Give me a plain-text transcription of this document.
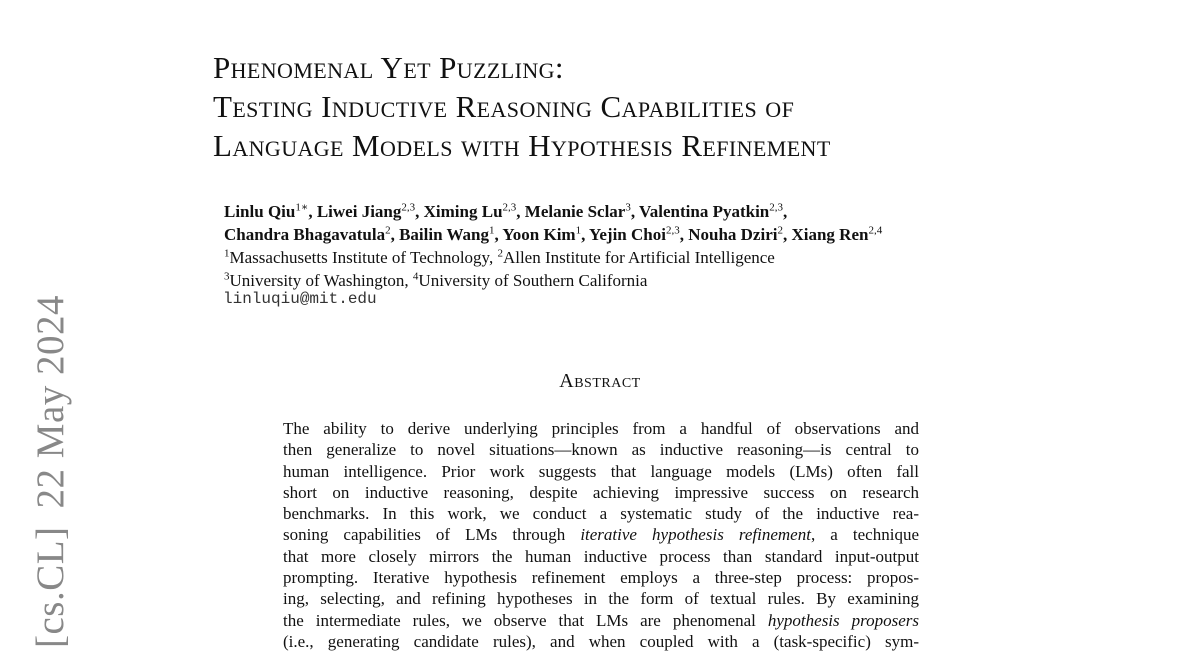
[cs.CL]22 May 2024
Phenomenal Yet Puzzling:
Testing Inductive Reasoning Capabilities of
Language Models with Hypothesis Refinement
Linlu Qiu$^{1∗}$, Liwei Jiang$^{2,3}$, Ximing Lu$^{2,3}$, Melanie Sclar$^3$, Valentina Pyatkin$^{2,3}$,
Chandra Bhagavatula$^2$, Bailin Wang$^1$, Yoon Kim$^1$, Yejin Choi$^{2,3}$, Nouha Dziri$^2$, Xiang Ren$^{2,4}$
$^1$Massachusetts Institute of Technology, $^2$Allen Institute for Artificial Intelligence
$^3$University of Washington, $^4$University of Southern California
linluqiu@mit.edu
Abstract
The ability to derive underlying principles from a handful of observations and
then generalize to novel situations—known as inductive reasoning—is central to
human intelligence. Prior work suggests that language models (LMs) often fall
short on inductive reasoning, despite achieving impressive success on research
benchmarks. In this work, we conduct a systematic study of the inductive rea-
soning capabilities of LMs through iterative hypothesis refinement, a technique
that more closely mirrors the human inductive process than standard input-output
prompting. Iterative hypothesis refinement employs a three-step process: propos-
ing, selecting, and refining hypotheses in the form of textual rules. By examining
the intermediate rules, we observe that LMs are phenomenal hypothesis proposers
(i.e., generating candidate rules), and when coupled with a (task-specific) sym-
